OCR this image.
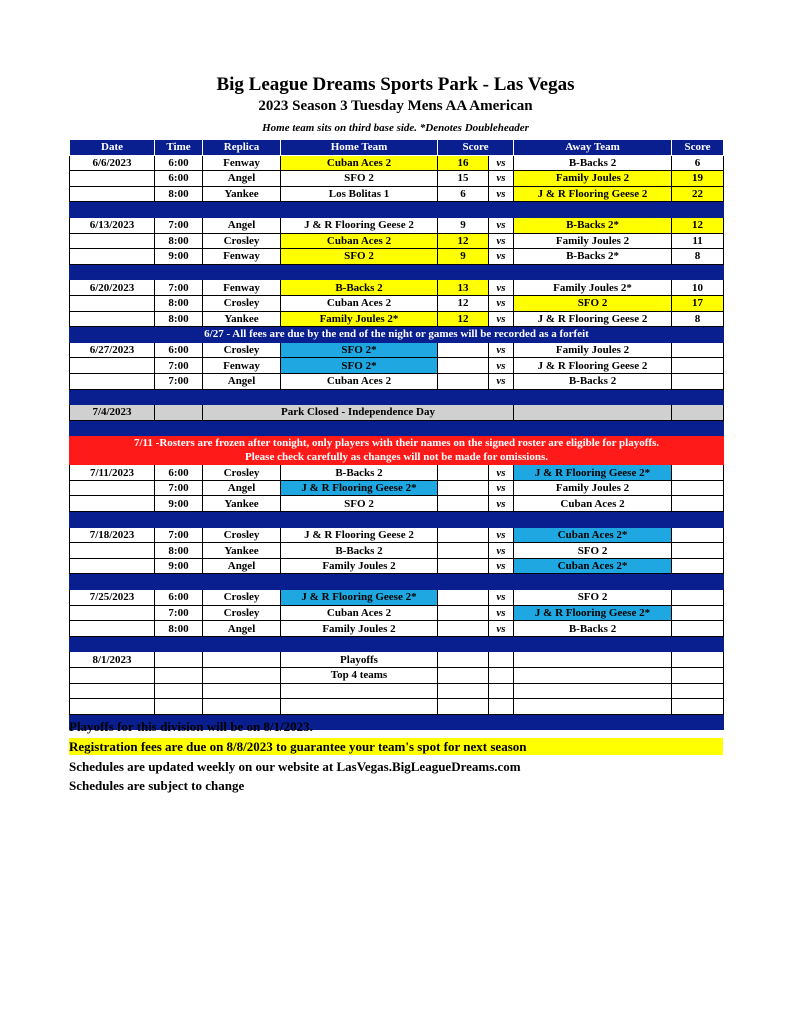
Big League Dreams Sports Park - Las Vegas
2023 Season 3 Tuesday Mens AA American
Home team sits on third base side. *Denotes Doubleheader
Date	Time	Replica	Home Team	Score		Away Team	Score
6/6/2023	6:00	Fenway	Cuban Aces 2	16	vs	B-Backs 2	6
	6:00	Angel	SFO 2	15	vs	Family Joules 2	19
	8:00	Yankee	Los Bolitas 1	6	vs	J & R Flooring Geese 2	22

6/13/2023	7:00	Angel	J & R Flooring Geese 2	9	vs	B-Backs 2*	12
	8:00	Crosley	Cuban Aces 2	12	vs	Family Joules 2	11
	9:00	Fenway	SFO 2	9	vs	B-Backs 2*	8

6/20/2023	7:00	Fenway	B-Backs 2	13	vs	Family Joules 2*	10
	8:00	Crosley	Cuban Aces 2	12	vs	SFO 2	17
	8:00	Yankee	Family Joules 2*	12	vs	J & R Flooring Geese 2	8
6/27 - All fees are due by the end of the night or games will be recorded as a forfeit							
6/27/2023	6:00	Crosley	SFO 2*		vs	Family Joules 2	
	7:00	Fenway	SFO 2*		vs	J & R Flooring Geese 2	
	7:00	Angel	Cuban Aces 2		vs	B-Backs 2	

7/4/2023		Park Closed - Independence Day					

7/11 -Rosters are frozen after tonight, only players with their names on the signed roster are eligible for playoffs.
Please check carefully as changes will not be made for omissions.							
7/11/2023	6:00	Crosley	B-Backs 2		vs	J & R Flooring Geese 2*	
	7:00	Angel	J & R Flooring Geese 2*		vs	Family Joules 2	
	9:00	Yankee	SFO 2		vs	Cuban Aces 2	

7/18/2023	7:00	Crosley	J & R Flooring Geese 2		vs	Cuban Aces 2*	
	8:00	Yankee	B-Backs 2		vs	SFO 2	
	9:00	Angel	Family Joules 2		vs	Cuban Aces 2*	

7/25/2023	6:00	Crosley	J & R Flooring Geese 2*		vs	SFO 2	
	7:00	Crosley	Cuban Aces 2		vs	J & R Flooring Geese 2*	
	8:00	Angel	Family Joules 2		vs	B-Backs 2	

8/1/2023			Playoffs				
			Top 4 teams				

Playoffs for this division will be on 8/1/2023.
Registration fees are due on 8/8/2023 to guarantee your team's spot for next season
Schedules are updated weekly on our website at LasVegas.BigLeagueDreams.com
Schedules are subject to change
